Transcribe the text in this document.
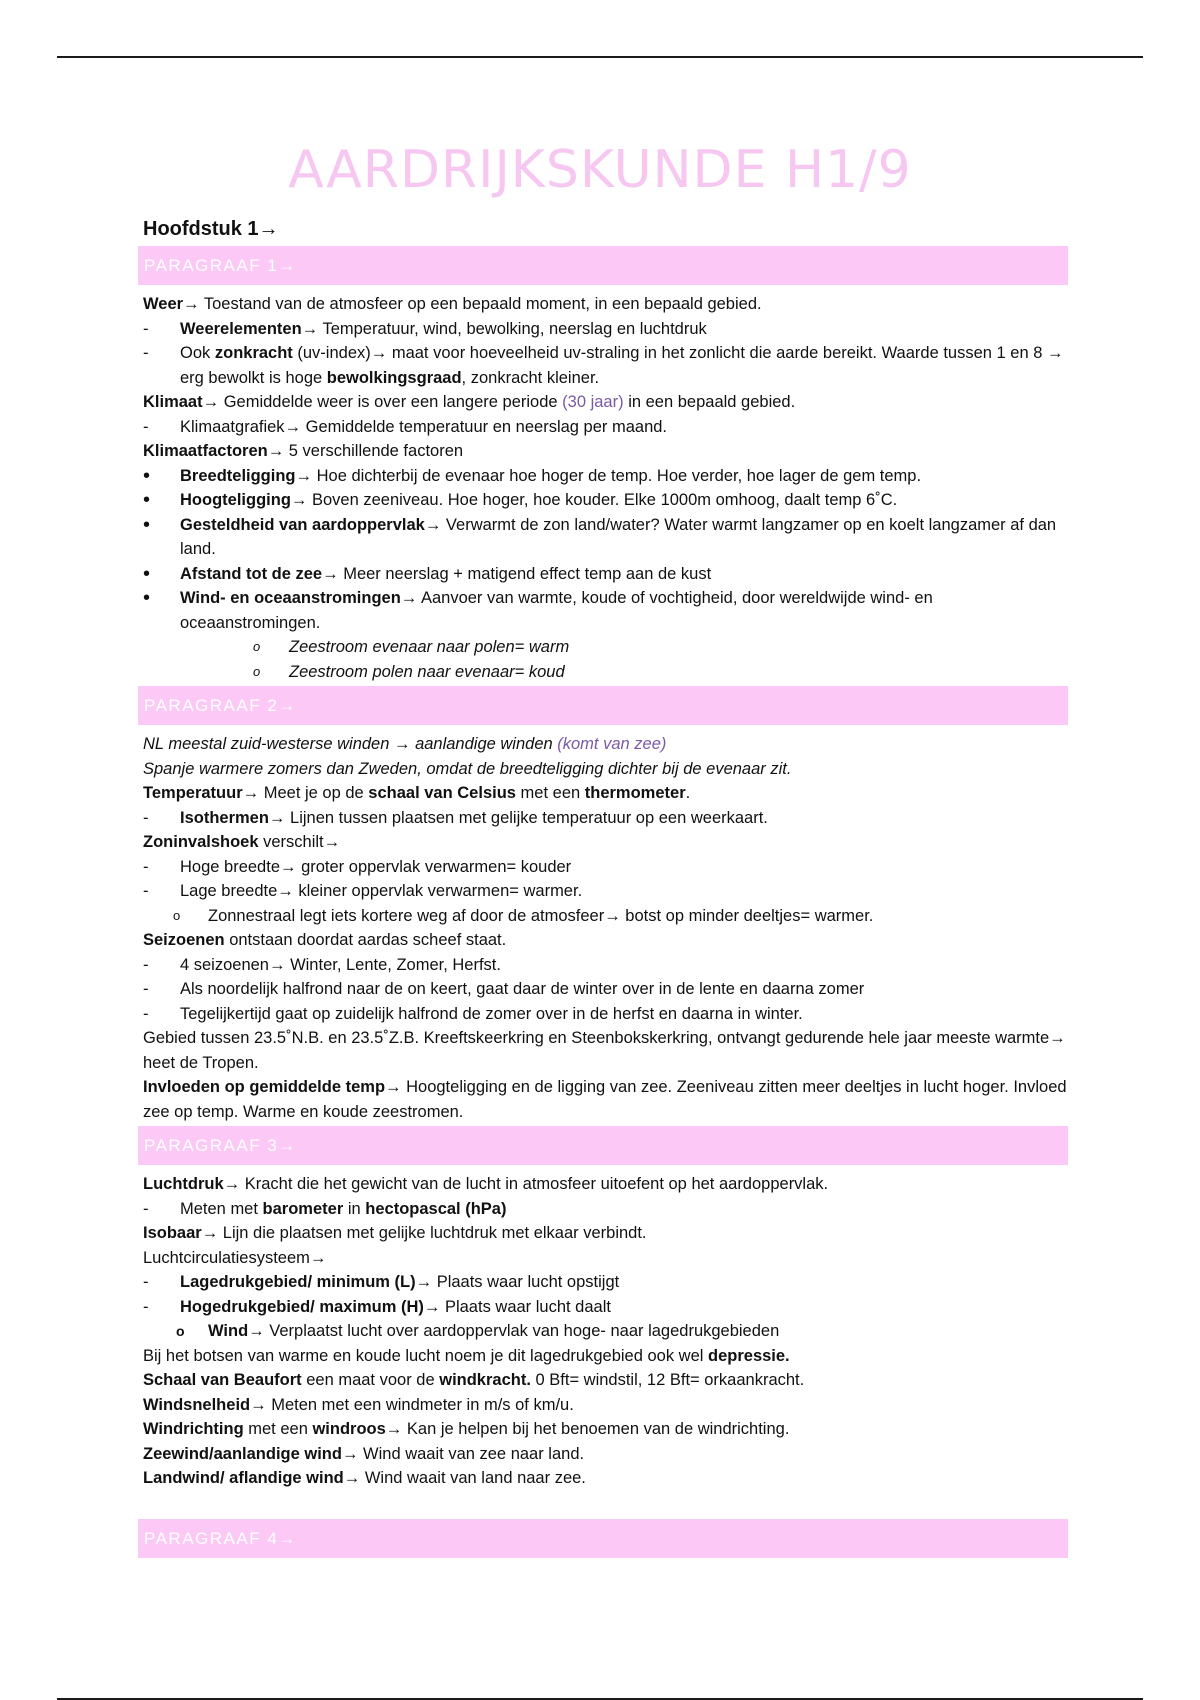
AARDRIJKSKUNDE H1/9
Hoofdstuk 1→
PARAGRAAF 1→
Weer→ Toestand van de atmosfeer op een bepaald moment, in een bepaald gebied.
- Weerelementen→ Temperatuur, wind, bewolking, neerslag en luchtdruk
- Ook zonkracht (uv-index)→ maat voor hoeveelheid uv-straling in het zonlicht die aarde bereikt. Waarde tussen 1 en 8 → erg bewolkt is hoge bewolkingsgraad, zonkracht kleiner.
Klimaat→ Gemiddelde weer is over een langere periode (30 jaar) in een bepaald gebied.
- Klimaatgrafiek→ Gemiddelde temperatuur en neerslag per maand.
Klimaatfactoren→ 5 verschillende factoren
• Breedteligging→ Hoe dichterbij de evenaar hoe hoger de temp. Hoe verder, hoe lager de gem temp.
• Hoogteligging→ Boven zeeniveau. Hoe hoger, hoe kouder. Elke 1000m omhoog, daalt temp 6˚C.
• Gesteldheid van aardoppervlak→ Verwarmt de zon land/water? Water warmt langzamer op en koelt langzamer af dan land.
• Afstand tot de zee→ Meer neerslag + matigend effect temp aan de kust
• Wind- en oceaanstromingen→ Aanvoer van warmte, koude of vochtigheid, door wereldwijde wind- en oceaanstromingen.
o Zeestroom evenaar naar polen= warm
o Zeestroom polen naar evenaar= koud
PARAGRAAF 2→
NL meestal zuid-westerse winden → aanlandige winden (komt van zee)
Spanje warmere zomers dan Zweden, omdat de breedteligging dichter bij de evenaar zit.
Temperatuur→ Meet je op de schaal van Celsius met een thermometer.
- Isothermen→ Lijnen tussen plaatsen met gelijke temperatuur op een weerkaart.
Zoninvalshoek verschilt→
- Hoge breedte→ groter oppervlak verwarmen= kouder
- Lage breedte→ kleiner oppervlak verwarmen= warmer.
o Zonnestraal legt iets kortere weg af door de atmosfeer→ botst op minder deeltjes= warmer.
Seizoenen ontstaan doordat aardas scheef staat.
- 4 seizoenen→ Winter, Lente, Zomer, Herfst.
- Als noordelijk halfrond naar de on keert, gaat daar de winter over in de lente en daarna zomer
- Tegelijkertijd gaat op zuidelijk halfrond de zomer over in de herfst en daarna in winter.
Gebied tussen 23.5˚N.B. en 23.5˚Z.B. Kreeftskeerkring en Steenbokskerkring, ontvangt gedurende hele jaar meeste warmte→ heet de Tropen.
Invloeden op gemiddelde temp→ Hoogteligging en de ligging van zee. Zeeniveau zitten meer deeltjes in lucht hoger. Invloed zee op temp. Warme en koude zeestromen.
PARAGRAAF 3→
Luchtdruk→ Kracht die het gewicht van de lucht in atmosfeer uitoefent op het aardoppervlak.
- Meten met barometer in hectopascal (hPa)
Isobaar→ Lijn die plaatsen met gelijke luchtdruk met elkaar verbindt.
Luchtcirculatiesysteem→
- Lagedrukgebied/ minimum (L)→ Plaats waar lucht opstijgt
- Hogedrukgebied/ maximum (H)→ Plaats waar lucht daalt
o Wind→ Verplaatst lucht over aardoppervlak van hoge- naar lagedrukgebieden
Bij het botsen van warme en koude lucht noem je dit lagedrukgebied ook wel depressie.
Schaal van Beaufort een maat voor de windkracht. 0 Bft= windstil, 12 Bft= orkaankracht.
Windsnelheid→ Meten met een windmeter in m/s of km/u.
Windrichting met een windroos→ Kan je helpen bij het benoemen van de windrichting.
Zeewind/aanlandige wind→ Wind waait van zee naar land.
Landwind/ aflandige wind→ Wind waait van land naar zee.
PARAGRAAF 4→
